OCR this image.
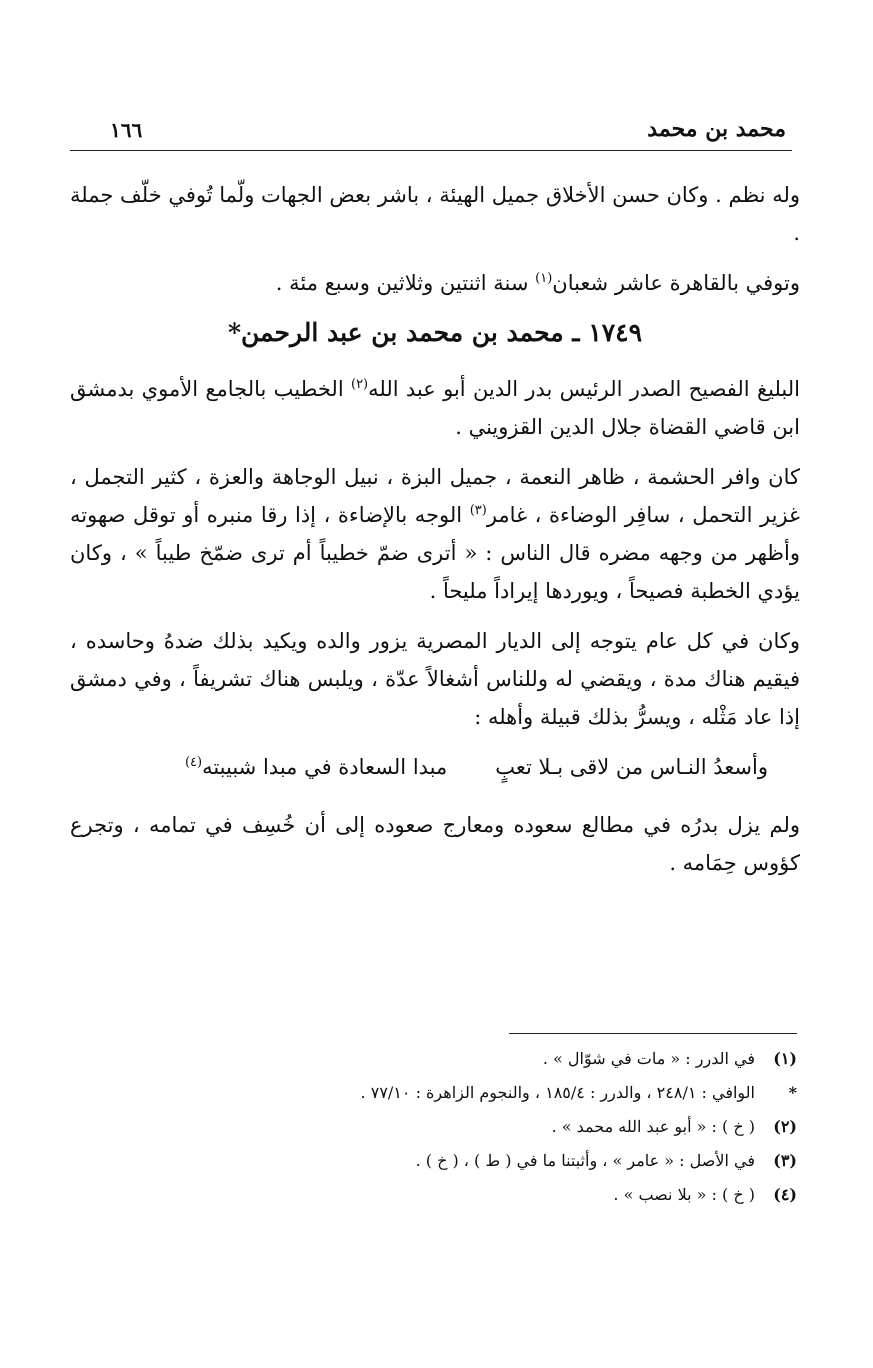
محمد بن محمد
١٦٦

وله نظم . وكان حسن الأخلاق جميل الهيئة ، باشر بعض الجهات ولّما تُوفي خلّف جملة .

وتوفي بالقاهرة عاشر شعبان$^{(١)}$ سنة اثنتين وثلاثين وسبع مئة .

١٧٤٩ ـ محمد بن محمد بن عبد الرحمن*

البليغ الفصيح الصدر الرئيس بدر الدين أبو عبد الله$^{(٢)}$ الخطيب بالجامع الأموي بدمشق ابن قاضي القضاة جلال الدين القزويني .

كان وافر الحشمة ، ظاهر النعمة ، جميل البزة ، نبيل الوجاهة والعزة ، كثير التجمل ، غزير التحمل ، سافِر الوضاءة ، غامر$^{(٣)}$ الوجه بالإضاءة ، إذا رقا منبره أو توقل صهوته وأظهر من وجهه مضره قال الناس : « أترى ضمّ خطيباً أم ترى ضمّخ طيباً » ، وكان يؤدي الخطبة فصيحاً ، ويوردها إيراداً مليحاً .

وكان في كل عام يتوجه إلى الديار المصرية يزور والده ويكيد بذلك ضدهُ وحاسده ، فيقيم هناك مدة ، ويقضي له وللناس أشغالاً عدّة ، ويلبس هناك تشريفاً ، وفي دمشق إذا عاد مَثْله ، ويسرُّ بذلك قبيلة وأهله :

وأسعدُ النـاس من لاقى بـلا تعبٍ
مبدا السعادة في مبدا شبيبته$^{(٤)}$

ولم يزل بدرُه في مطالع سعوده ومعارج صعوده إلى أن خُسِف في تمامه ، وتجرع كؤوس حِمَامه .

(١)
في الدرر : « مات في شوّال » .
*
الوافي : ٢٤٨/١ ، والدرر : ١٨٥/٤ ، والنجوم الزاهرة : ٧٧/١٠ .
(٢)
( خ ) : « أبو عبد الله محمد » .
(٣)
في الأصل : « عامر » ، وأثبتنا ما في ( ط ) ، ( خ ) .
(٤)
( خ ) : « بلا نصب » .
